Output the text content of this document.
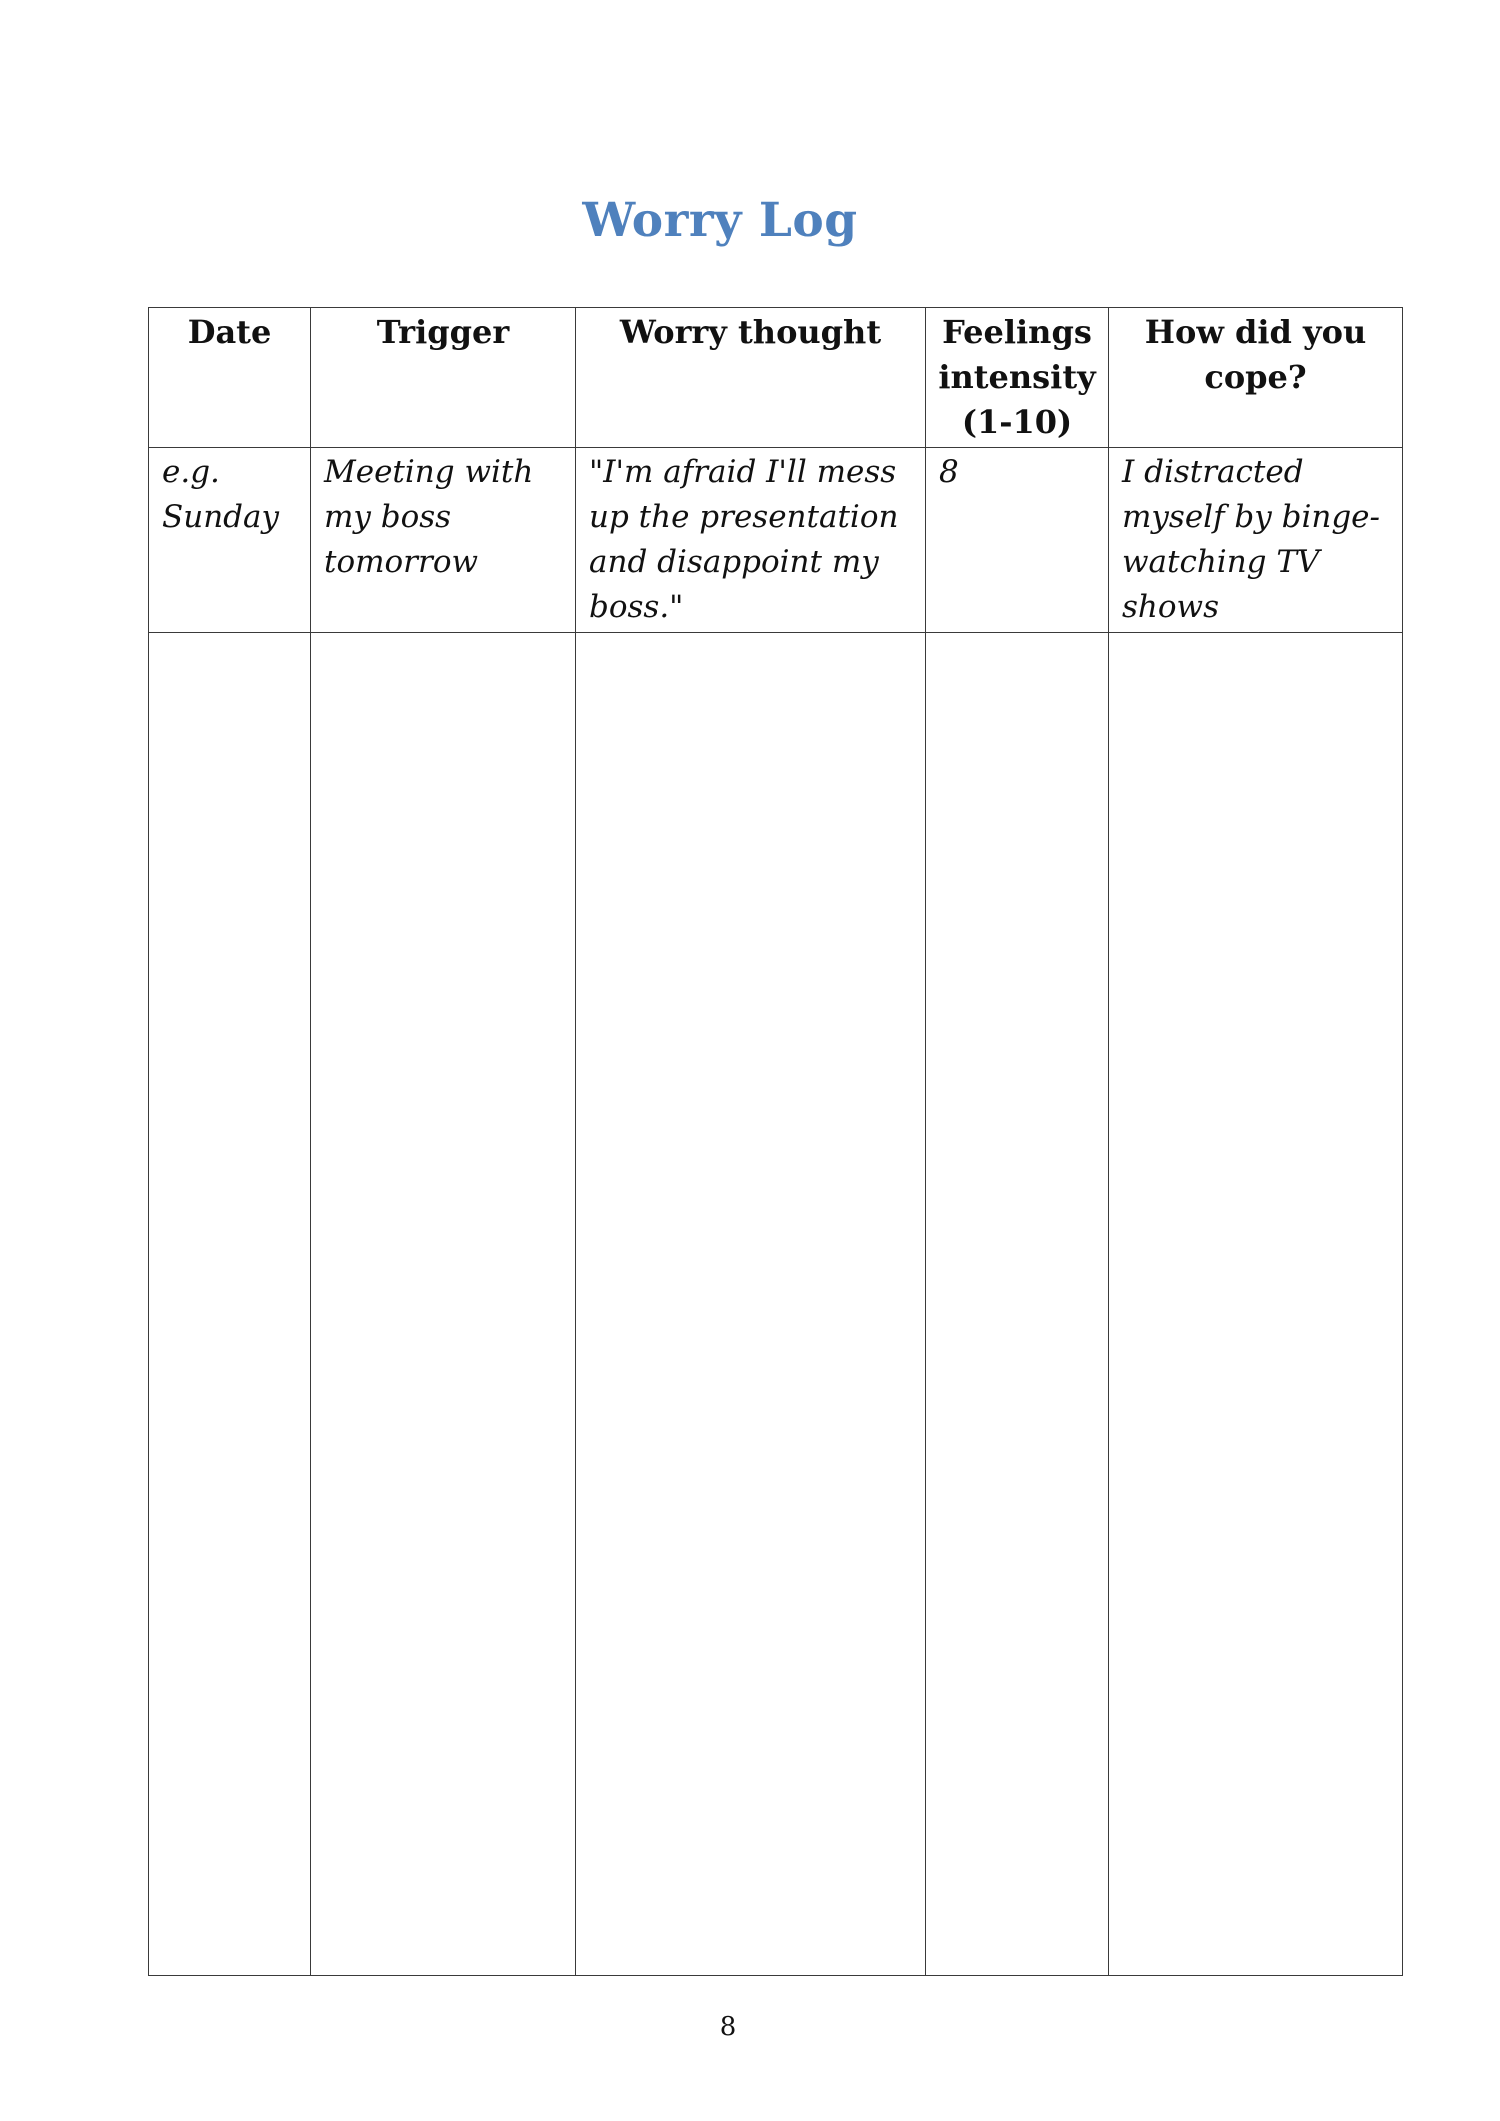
Worry Log
Date	Trigger	Worry thought	Feelings intensity (1-10)	How did you cope?
e.g. Sunday	Meeting with my boss tomorrow	"I'm afraid I'll mess up the presentation and disappoint my boss."	8	I distracted myself by binge-watching TV shows

8
